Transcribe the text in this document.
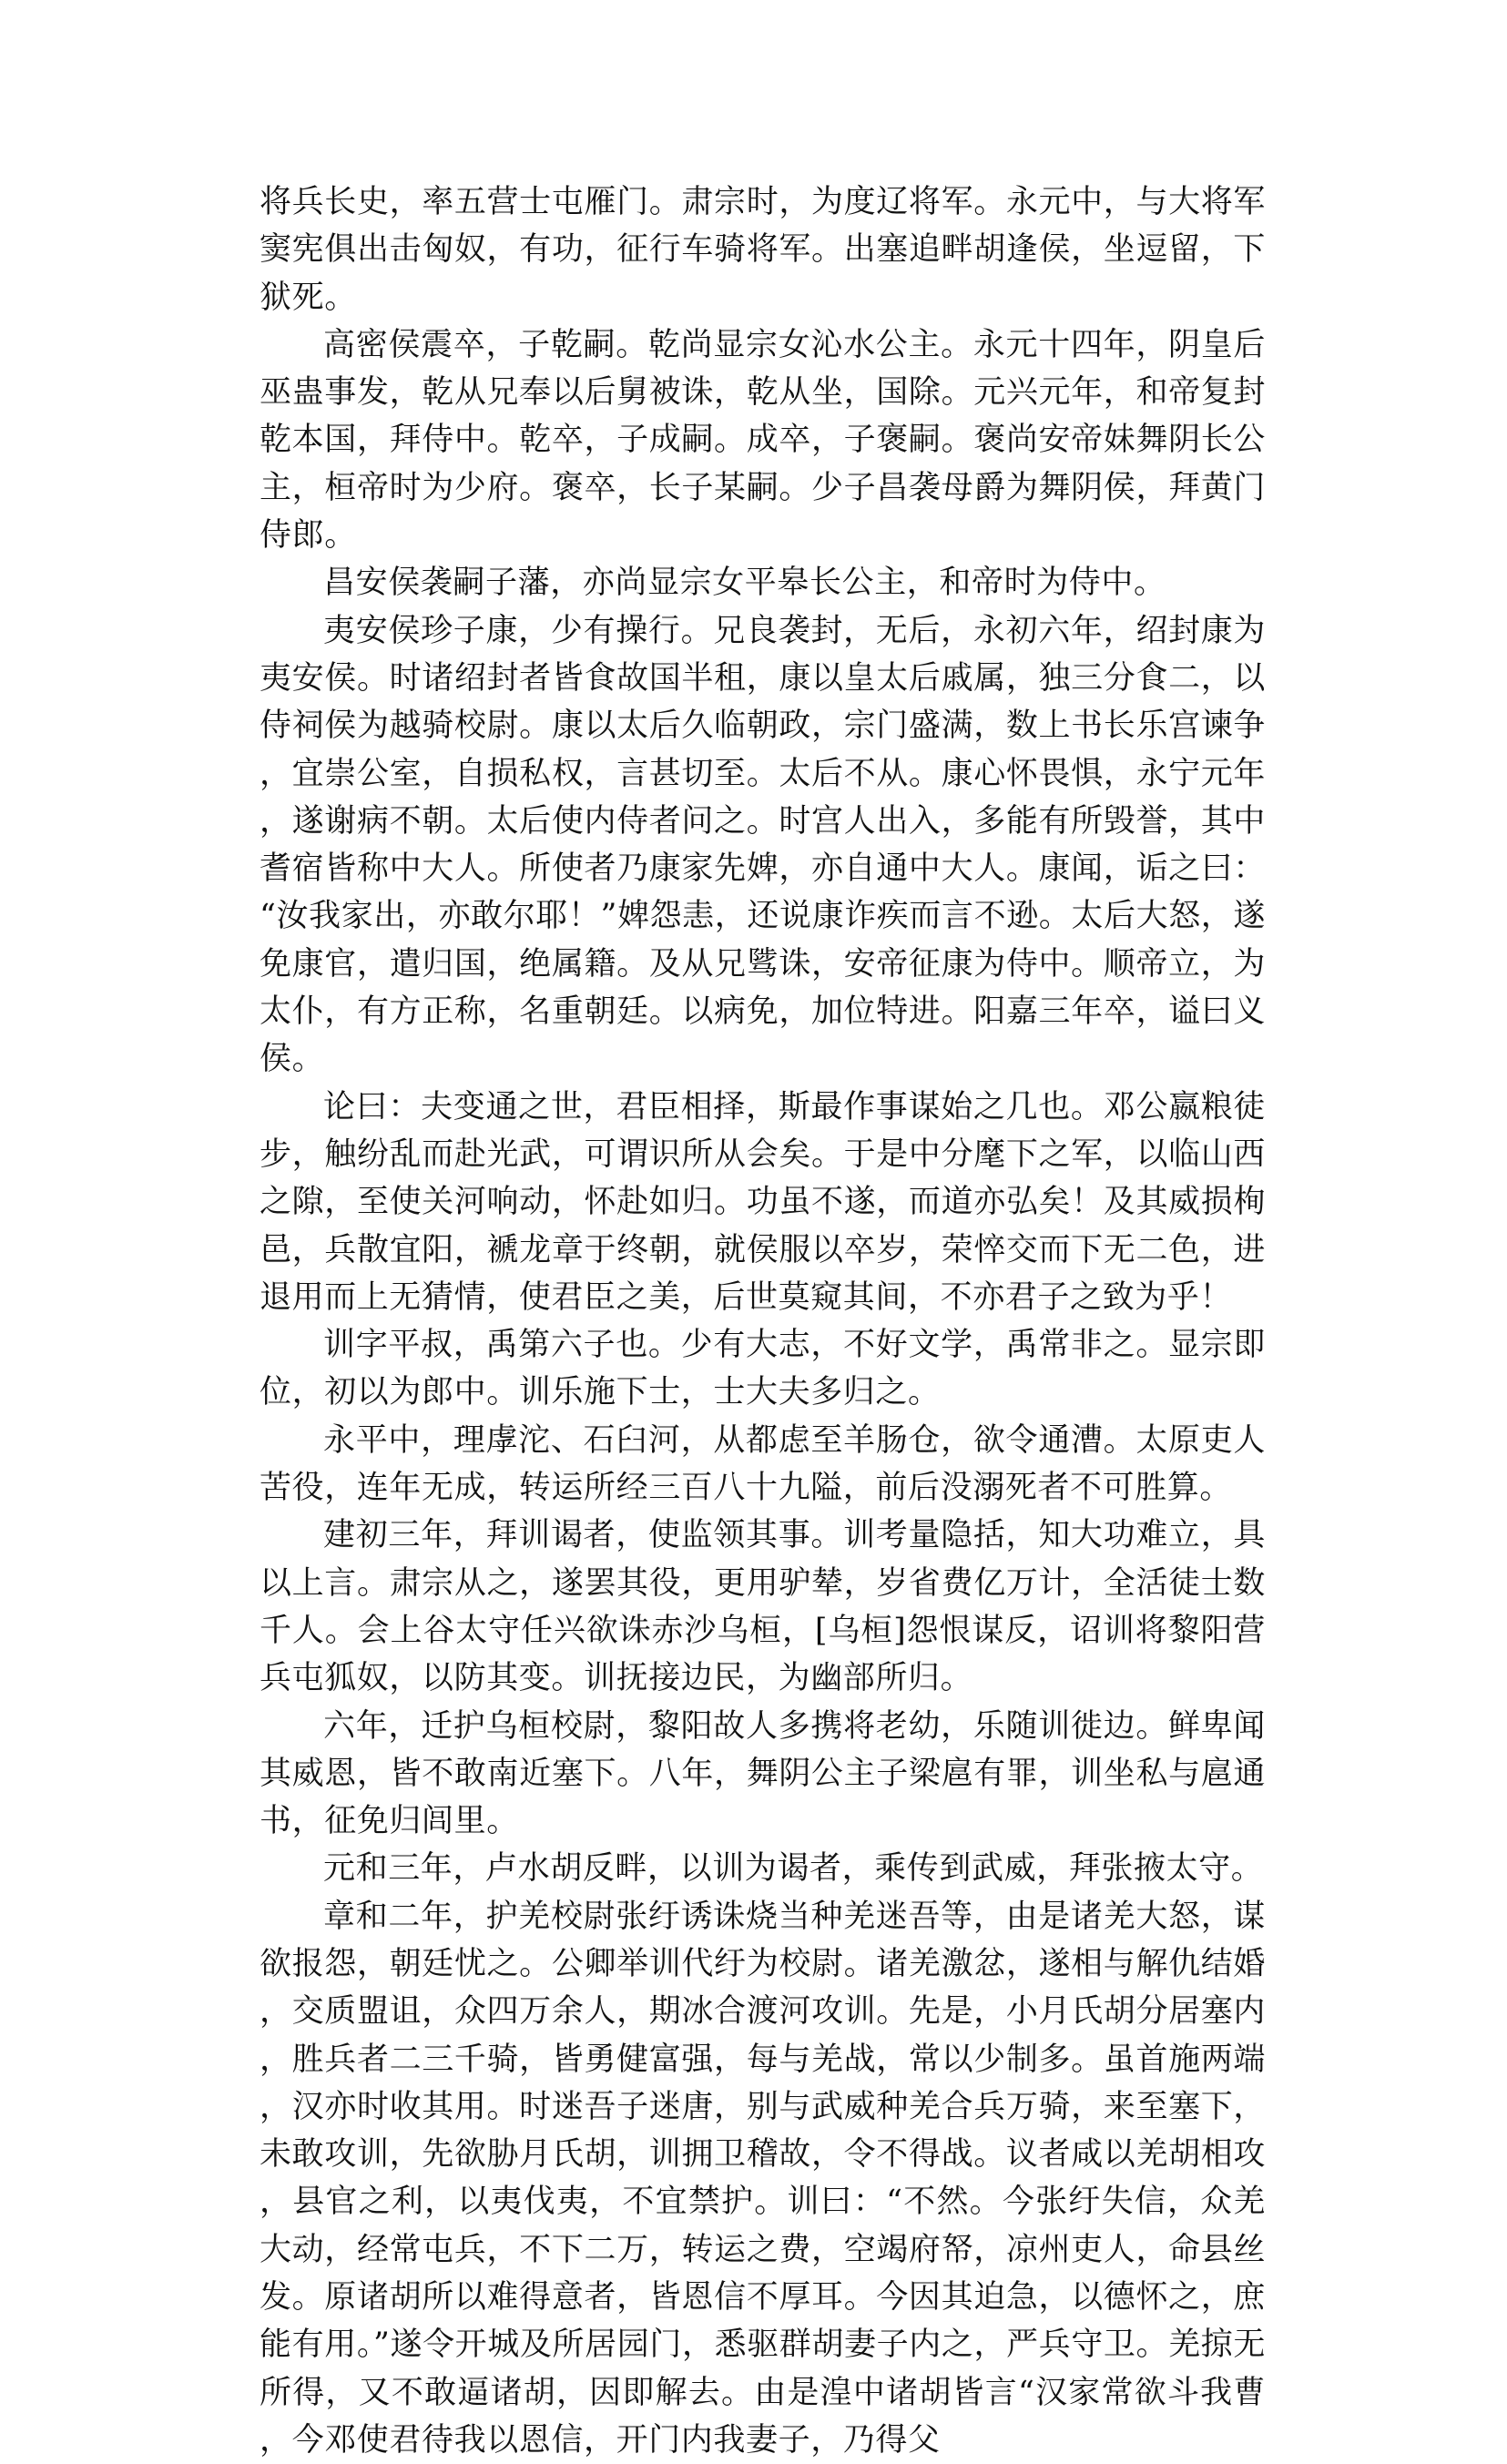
将兵长史，率五营士屯雁门。肃宗时，为度辽将军。永元中，与大将军窦宪俱出击匈奴，有功，征行车骑将军。出塞追畔胡逢侯，坐逗留，下狱死。

高密侯震卒，子乾嗣。乾尚显宗女沁水公主。永元十四年，阴皇后巫蛊事发，乾从兄奉以后舅被诛，乾从坐，国除。元兴元年，和帝复封乾本国，拜侍中。乾卒，子成嗣。成卒，子褒嗣。褒尚安帝妹舞阴长公主，桓帝时为少府。褒卒，长子某嗣。少子昌袭母爵为舞阴侯，拜黄门侍郎。

昌安侯袭嗣子藩，亦尚显宗女平皋长公主，和帝时为侍中。

夷安侯珍子康，少有操行。兄良袭封，无后，永初六年，绍封康为夷安侯。时诸绍封者皆食故国半租，康以皇太后戚属，独三分食二，以侍祠侯为越骑校尉。康以太后久临朝政，宗门盛满，数上书长乐宫谏争，宜崇公室，自损私权，言甚切至。太后不从。康心怀畏惧，永宁元年，遂谢病不朝。太后使内侍者问之。时宫人出入，多能有所毁誉，其中耆宿皆称中大人。所使者乃康家先婢，亦自通中大人。康闻，诟之曰：“汝我家出，亦敢尔耶！”婢怨恚，还说康诈疾而言不逊。太后大怒，遂免康官，遣归国，绝属籍。及从兄骘诛，安帝征康为侍中。顺帝立，为太仆，有方正称，名重朝廷。以病免，加位特进。阳嘉三年卒，谥曰义侯。

论曰：夫变通之世，君臣相择，斯最作事谋始之几也。邓公嬴粮徒步，触纷乱而赴光武，可谓识所从会矣。于是中分麾下之军，以临山西之隙，至使关河响动，怀赴如归。功虽不遂，而道亦弘矣！及其威损栒邑，兵散宜阳，褫龙章于终朝，就侯服以卒岁，荣悴交而下无二色，进退用而上无猜情，使君臣之美，后世莫窥其间，不亦君子之致为乎！

训字平叔，禹第六子也。少有大志，不好文学，禹常非之。显宗即位，初以为郎中。训乐施下士，士大夫多归之。

永平中，理虖沱、石臼河，从都虑至羊肠仓，欲令通漕。太原吏人苦役，连年无成，转运所经三百八十九隘，前后没溺死者不可胜算。

建初三年，拜训谒者，使监领其事。训考量隐括，知大功难立，具以上言。肃宗从之，遂罢其役，更用驴辇，岁省费亿万计，全活徒士数千人。会上谷太守任兴欲诛赤沙乌桓，[乌桓]怨恨谋反，诏训将黎阳营兵屯狐奴，以防其变。训抚接边民，为幽部所归。

六年，迁护乌桓校尉，黎阳故人多携将老幼，乐随训徙边。鲜卑闻其威恩，皆不敢南近塞下。八年，舞阴公主子梁扈有罪，训坐私与扈通书，征免归闾里。

元和三年，卢水胡反畔，以训为谒者，乘传到武威，拜张掖太守。

章和二年，护羌校尉张纡诱诛烧当种羌迷吾等，由是诸羌大怒，谋欲报怨，朝廷忧之。公卿举训代纡为校尉。诸羌激忿，遂相与解仇结婚，交质盟诅，众四万余人，期冰合渡河攻训。先是，小月氏胡分居塞内，胜兵者二三千骑，皆勇健富强，每与羌战，常以少制多。虽首施两端，汉亦时收其用。时迷吾子迷唐，别与武威种羌合兵万骑，来至塞下，未敢攻训，先欲胁月氏胡，训拥卫稽故，令不得战。议者咸以羌胡相攻，县官之利，以夷伐夷，不宜禁护。训曰：“不然。今张纡失信，众羌大动，经常屯兵，不下二万，转运之费，空竭府帑，凉州吏人，命县丝发。原诸胡所以难得意者，皆恩信不厚耳。今因其迫急，以德怀之，庶能有用。”遂令开城及所居园门，悉驱群胡妻子内之，严兵守卫。羌掠无所得，又不敢逼诸胡，因即解去。由是湟中诸胡皆言“汉家常欲斗我曹，今邓使君待我以恩信，开门内我妻子，乃得父
